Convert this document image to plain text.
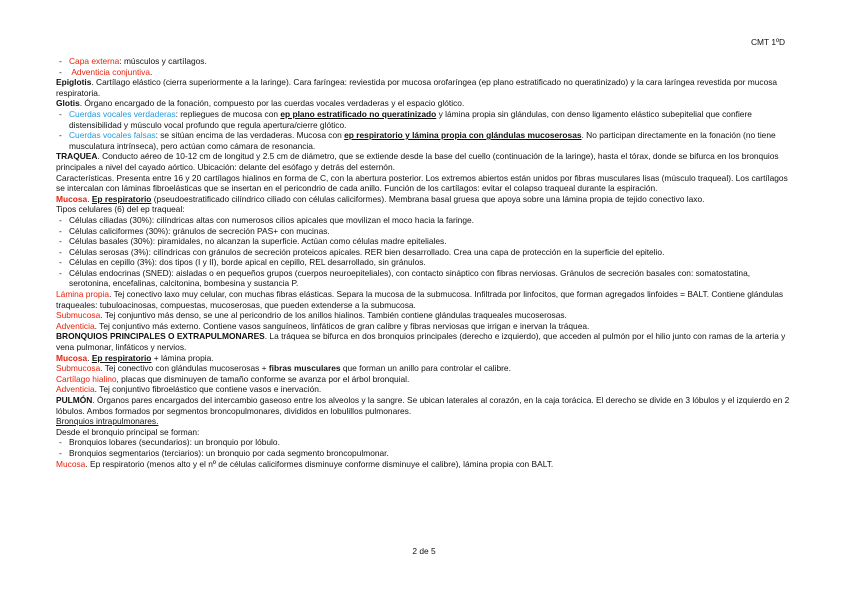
CMT 1ºD

- Capa externa: músculos y cartílagos.

- Adventicia conjuntiva.

Epiglotis. Cartílago elástico (cierra superiormente a la laringe). Cara faríngea: reviestida por mucosa orofaríngea (ep plano estratificado no queratinizado) y la cara laríngea revestida por mucosa respiratoria.

Glotis. Órgano encargado de la fonación, compuesto por las cuerdas vocales verdaderas y el espacio glótico.

- Cuerdas vocales verdaderas: repliegues de mucosa con ep plano estratificado no queratinizado y lámina propia sin glándulas, con denso ligamento elástico subepitelial que confiere distensibilidad y músculo vocal profundo que regula apertura/cierre glótico.

- Cuerdas vocales falsas: se sitúan encima de las verdaderas. Mucosa con ep respiratorio y lámina propia con glándulas mucoserosas. No participan directamente en la fonación (no tiene musculatura intrínseca), pero actúan como cámara de resonancia.

TRAQUEA. Conducto aéreo de 10-12 cm de longitud y 2.5 cm de diámetro, que se extiende desde la base del cuello (continuación de la laringe), hasta el tórax, donde se bifurca en los bronquios principales a nivel del cayado aórtico. Ubicación: delante del esófago y detrás del esternón.

Características. Presenta entre 16 y 20 cartílagos hialinos en forma de C, con la abertura posterior. Los extremos abiertos están unidos por fibras musculares lisas (músculo traqueal). Los cartílagos se intercalan con láminas fibroelásticas que se insertan en el pericondrio de cada anillo. Función de los cartílagos: evitar el colapso traqueal durante la espiración.

Mucosa. Ep respiratorio (pseudoestratificado cilíndrico ciliado con células caliciformes). Membrana basal gruesa que apoya sobre una lámina propia de tejido conectivo laxo.

Tipos celulares (6) del ep traqueal:

- Células ciliadas (30%): cilíndricas altas con numerosos cilios apicales que movilizan el moco hacia la faringe.

- Células caliciformes (30%): gránulos de secreción PAS+ con mucinas.

- Células basales (30%): piramidales, no alcanzan la superficie. Actúan como células madre epiteliales.

- Células serosas (3%): cilíndricas con gránulos de secreción proteicos apicales. RER bien desarrollado. Crea una capa de protección en la superficie del epitelio.

- Células en cepillo (3%): dos tipos (I y II), borde apical en cepillo, REL desarrollado, sin gránulos.

- Células endocrinas (SNED): aisladas o en pequeños grupos (cuerpos neuroepiteliales), con contacto sináptico con fibras nerviosas. Gránulos de secreción basales con: somatostatina, serotonina, encefalinas, calcitonina, bombesina y sustancia P.

Lámina propia. Tej conectivo laxo muy celular, con muchas fibras elásticas. Separa la mucosa de la submucosa. Infiltrada por linfocitos, que forman agregados linfoides = BALT. Contiene glándulas traqueales: tubuloacinosas, compuestas, mucoserosas, que pueden extenderse a la submucosa.

Submucosa. Tej conjuntivo más denso, se une al pericondrio de los anillos hialinos. También contiene glándulas traqueales mucoserosas.

Adventicia. Tej conjuntivo más externo. Contiene vasos sanguíneos, linfáticos de gran calibre y fibras nerviosas que irrigan e inervan la tráquea.

BRONQUIOS PRINCIPALES O EXTRAPULMONARES. La tráquea se bifurca en dos bronquios principales (derecho e izquierdo), que acceden al pulmón por el hilio junto con ramas de la arteria y vena pulmonar, linfáticos y nervios.

Mucosa. Ep respiratorio + lámina propia.

Submucosa. Tej conectivo con glándulas mucoserosas + fibras musculares que forman un anillo para controlar el calibre.

Cartílago hialino, placas que disminuyen de tamaño conforme se avanza por el árbol bronquial.

Adventicia. Tej conjuntivo fibroelástico que contiene vasos e inervación.

PULMÓN. Órganos pares encargados del intercambio gaseoso entre los alveolos y la sangre. Se ubican laterales al corazón, en la caja torácica. El derecho se divide en 3 lóbulos y el izquierdo en 2 lóbulos. Ambos formados por segmentos broncopulmonares, divididos en lobulillos pulmonares.

Bronquios intrapulmonares.

Desde el bronquio principal se forman:

- Bronquios lobares (secundarios): un bronquio por lóbulo.

- Bronquios segmentarios (terciarios): un bronquio por cada segmento broncopulmonar.

Mucosa. Ep respiratorio (menos alto y el nº de células caliciformes disminuye conforme disminuye el calibre), lámina propia con BALT.

2 de 5
